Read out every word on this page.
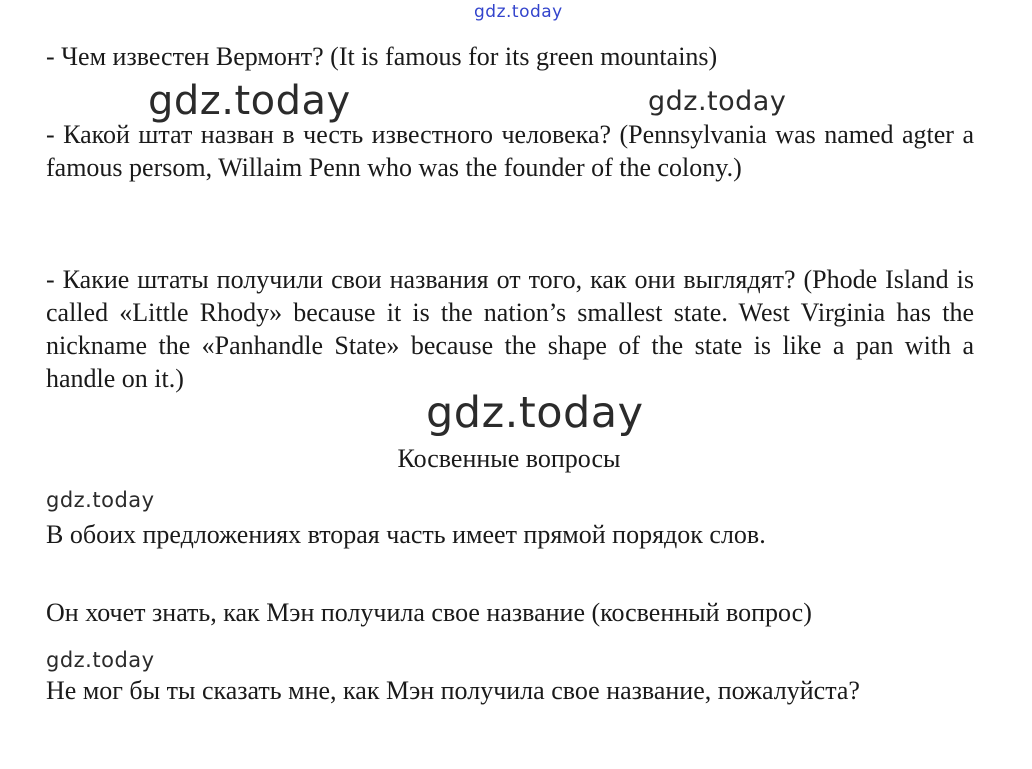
gdz.today

- Чем известен Вермонт? (It is famous for its green mountains)

gdz.today	gdz.today

- Какой штат назван в честь известного человека? (Pennsylvania was named agter a famous persom, Willaim Penn who was the founder of the colony.)

- Какие штаты получили свои названия от того, как они выглядят? (Phode Island is called «Little Rhody» because it is the nation’s smallest state. West Virginia has the nickname the «Panhandle State» because the shape of the state is like a pan with a handle on it.)

gdz.today

Косвенные вопросы

gdz.today

В обоих предложениях вторая часть имеет прямой порядок слов.

Он хочет знать, как Мэн получила свое название (косвенный вопрос)

gdz.today

Не мог бы ты сказать мне, как Мэн получила свое название, пожалуйста?
